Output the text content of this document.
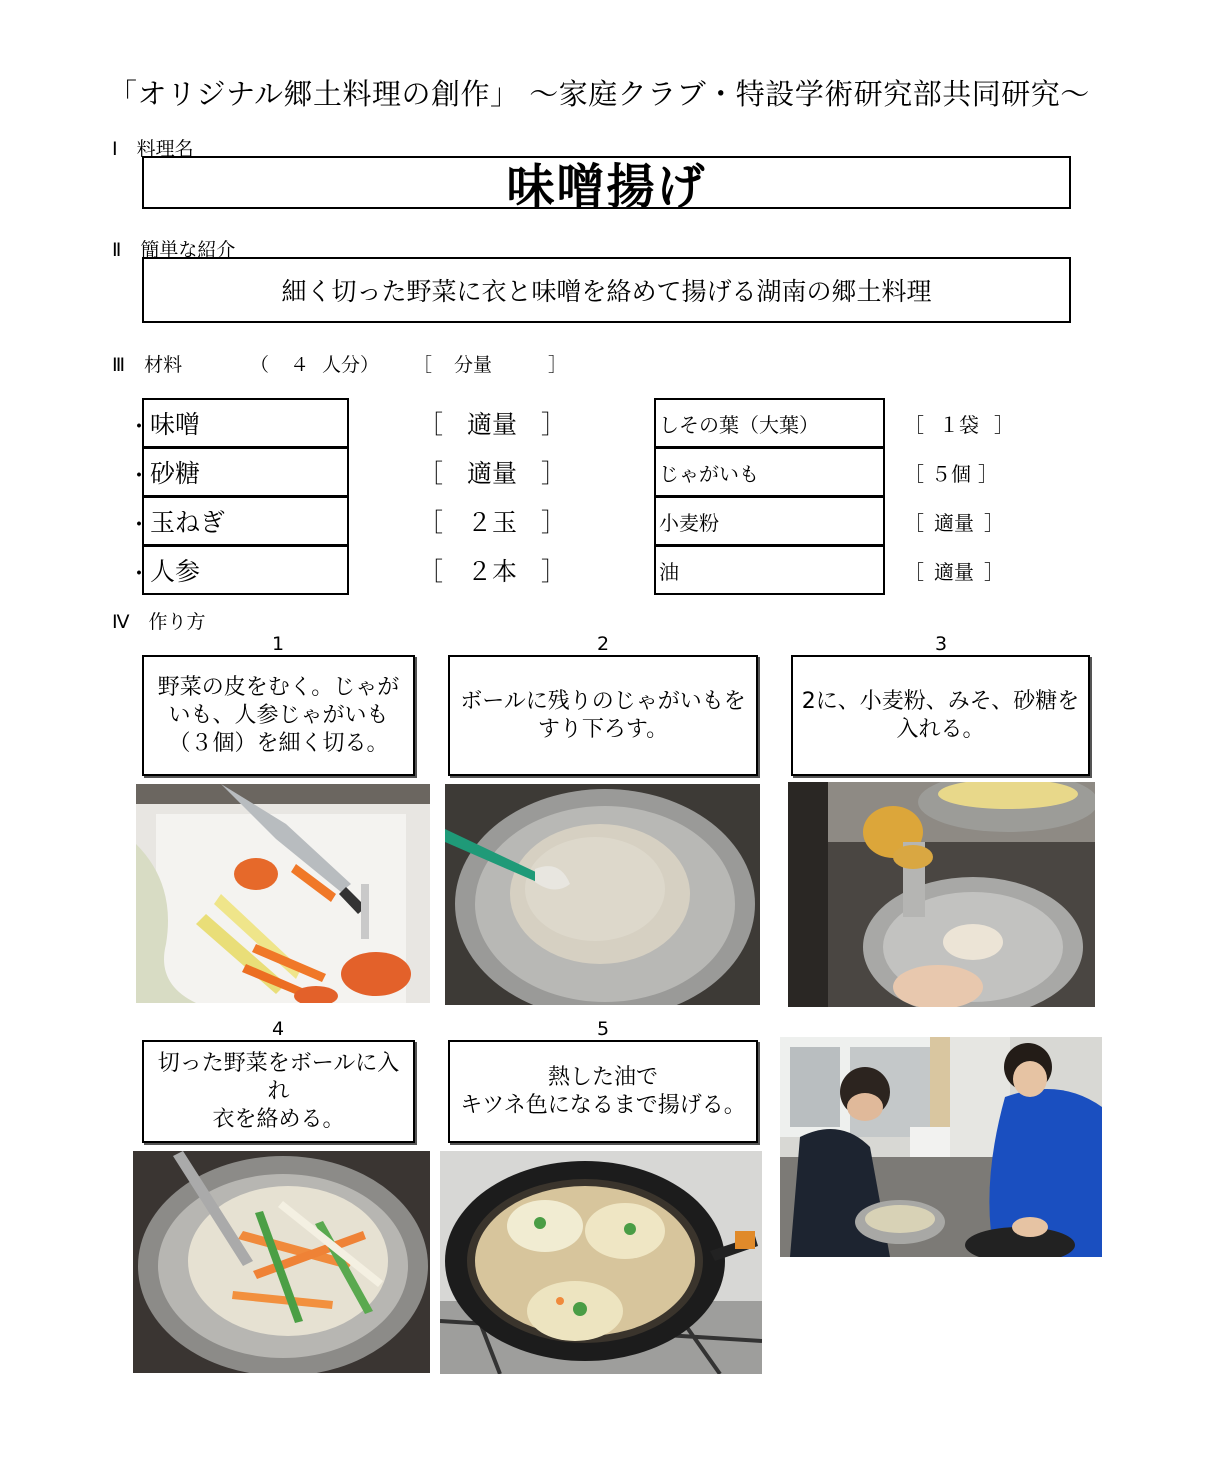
「オリジナル郷土料理の創作」 ～家庭クラブ・特設学術研究部共同研究～
Ⅰ　料理名
味噌揚げ
Ⅱ　簡単な紹介
細く切った野菜に衣と味噌を絡めて揚げる湖南の郷土料理
Ⅲ　材料	（ ４ 人分） ［ 分量	］
・ 味噌	［ 適量 ］
・ 砂糖	［ 適量 ］
・ 玉ねぎ	［ ２玉 ］
・ 人参	［ ２本 ］
しその葉（大葉）	［ １袋 ］
じゃがいも	［ ５個 ］
小麦粉	［ 適量 ］
油	［ 適量 ］
Ⅳ　作り方
1	2	3
4	5
野菜の皮をむく。じゃがいも、人参じゃがいも（３個）を細く切る。
ボールに残りのじゃがいもをすり下ろす。
2に、小麦粉、みそ、砂糖を入れる。
切った野菜をボールに入れ
衣を絡める。
熱した油で
キツネ色になるまで揚げる。
